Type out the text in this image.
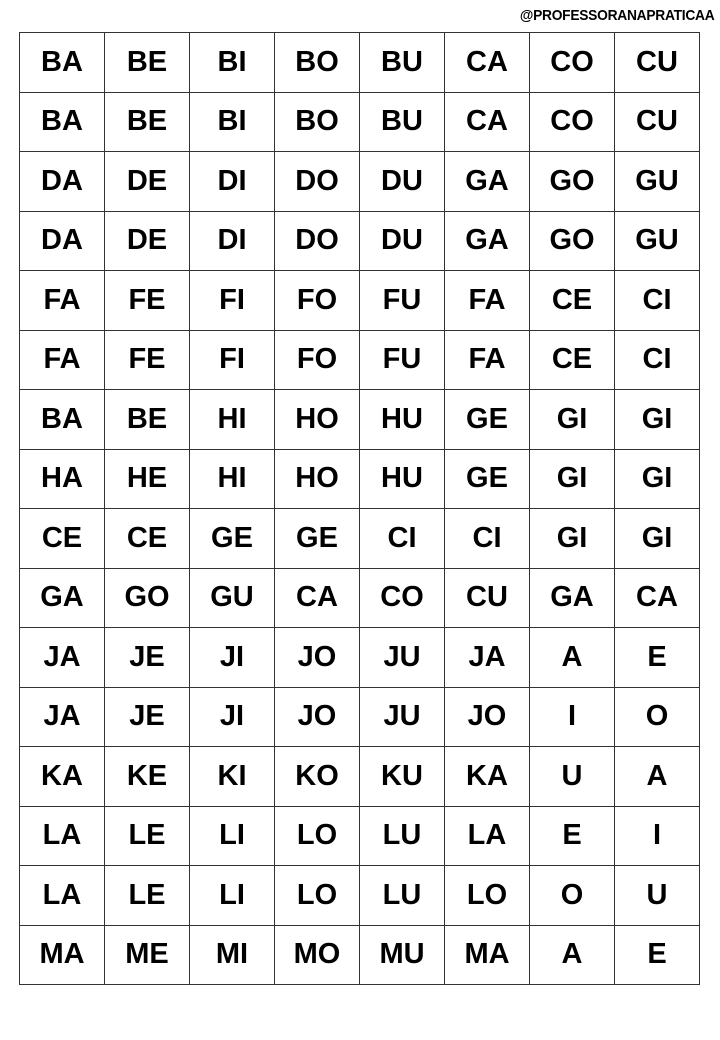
@PROFESSORANAPRATICAA
BA	BE	BI	BO	BU	CA	CO	CU
BA	BE	BI	BO	BU	CA	CO	CU
DA	DE	DI	DO	DU	GA	GO	GU
DA	DE	DI	DO	DU	GA	GO	GU
FA	FE	FI	FO	FU	FA	CE	CI
FA	FE	FI	FO	FU	FA	CE	CI
BA	BE	HI	HO	HU	GE	GI	GI
HA	HE	HI	HO	HU	GE	GI	GI
CE	CE	GE	GE	CI	CI	GI	GI
GA	GO	GU	CA	CO	CU	GA	CA
JA	JE	JI	JO	JU	JA	A	E
JA	JE	JI	JO	JU	JO	I	O
KA	KE	KI	KO	KU	KA	U	A
LA	LE	LI	LO	LU	LA	E	I
LA	LE	LI	LO	LU	LO	O	U
MA	ME	MI	MO	MU	MA	A	E
